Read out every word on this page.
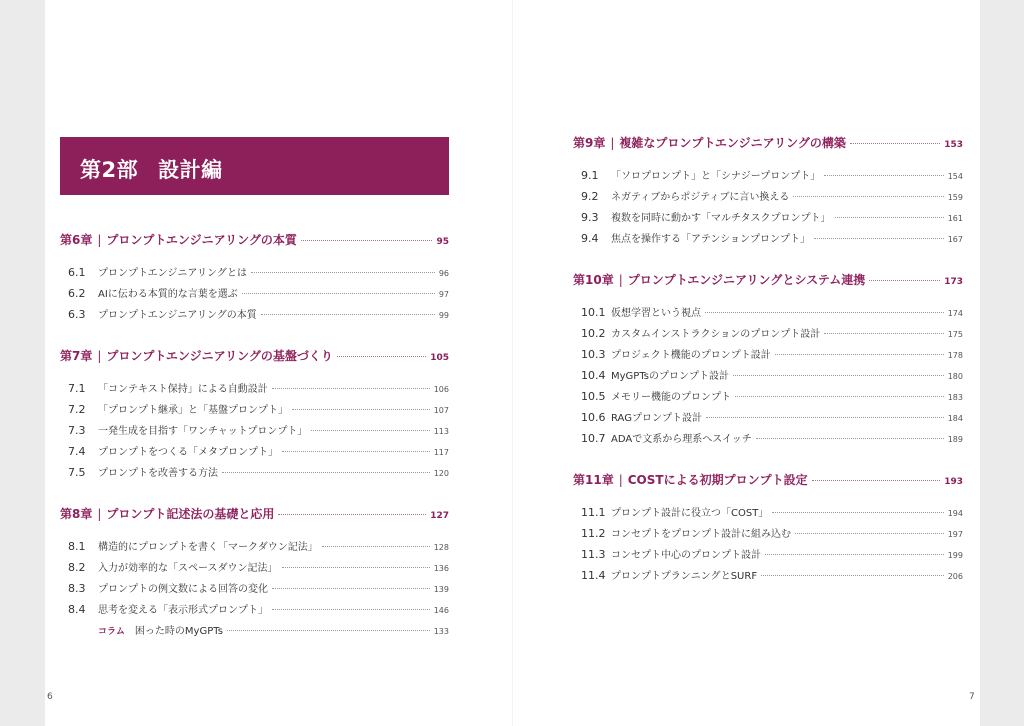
第2部 設計編
第6章 | プロンプトエンジニアリングの本質	95
6.1	プロンプトエンジニアリングとは	96
6.2	AIに伝わる本質的な言葉を選ぶ	97
6.3	プロンプトエンジニアリングの本質	99
第7章 | プロンプトエンジニアリングの基盤づくり	105
7.1	「コンテキスト保持」による自動設計	106
7.2	「プロンプト継承」と「基盤プロンプト」	107
7.3	一発生成を目指す「ワンチャットプロンプト」	113
7.4	プロンプトをつくる「メタプロンプト」	117
7.5	プロンプトを改善する方法	120
第8章 | プロンプト記述法の基礎と応用	127
8.1	構造的にプロンプトを書く「マークダウン記法」	128
8.2	入力が効率的な「スペースダウン記法」	136
8.3	プロンプトの例文数による回答の変化	139
8.4	思考を変える「表示形式プロンプト」	146
コラム 困った時のMyGPTs	133
第9章 | 複雑なプロンプトエンジニアリングの構築	153
9.1	「ソロプロンプト」と「シナジープロンプト」	154
9.2	ネガティブからポジティブに言い換える	159
9.3	複数を同時に動かす「マルチタスクプロンプト」	161
9.4	焦点を操作する「アテンションプロンプト」	167
第10章 | プロンプトエンジニアリングとシステム連携	173
10.1 仮想学習という視点	174
10.2 カスタムインストラクションのプロンプト設計	175
10.3 プロジェクト機能のプロンプト設計	178
10.4 MyGPTsのプロンプト設計	180
10.5 メモリー機能のプロンプト	183
10.6 RAGプロンプト設計	184
10.7 ADAで文系から理系へスイッチ	189
第11章 | COSTによる初期プロンプト設定	193
11.1 プロンプト設計に役立つ「COST」	194
11.2 コンセプトをプロンプト設計に組み込む	197
11.3 コンセプト中心のプロンプト設計	199
11.4 プロンプトプランニングとSURF	206
6	7
